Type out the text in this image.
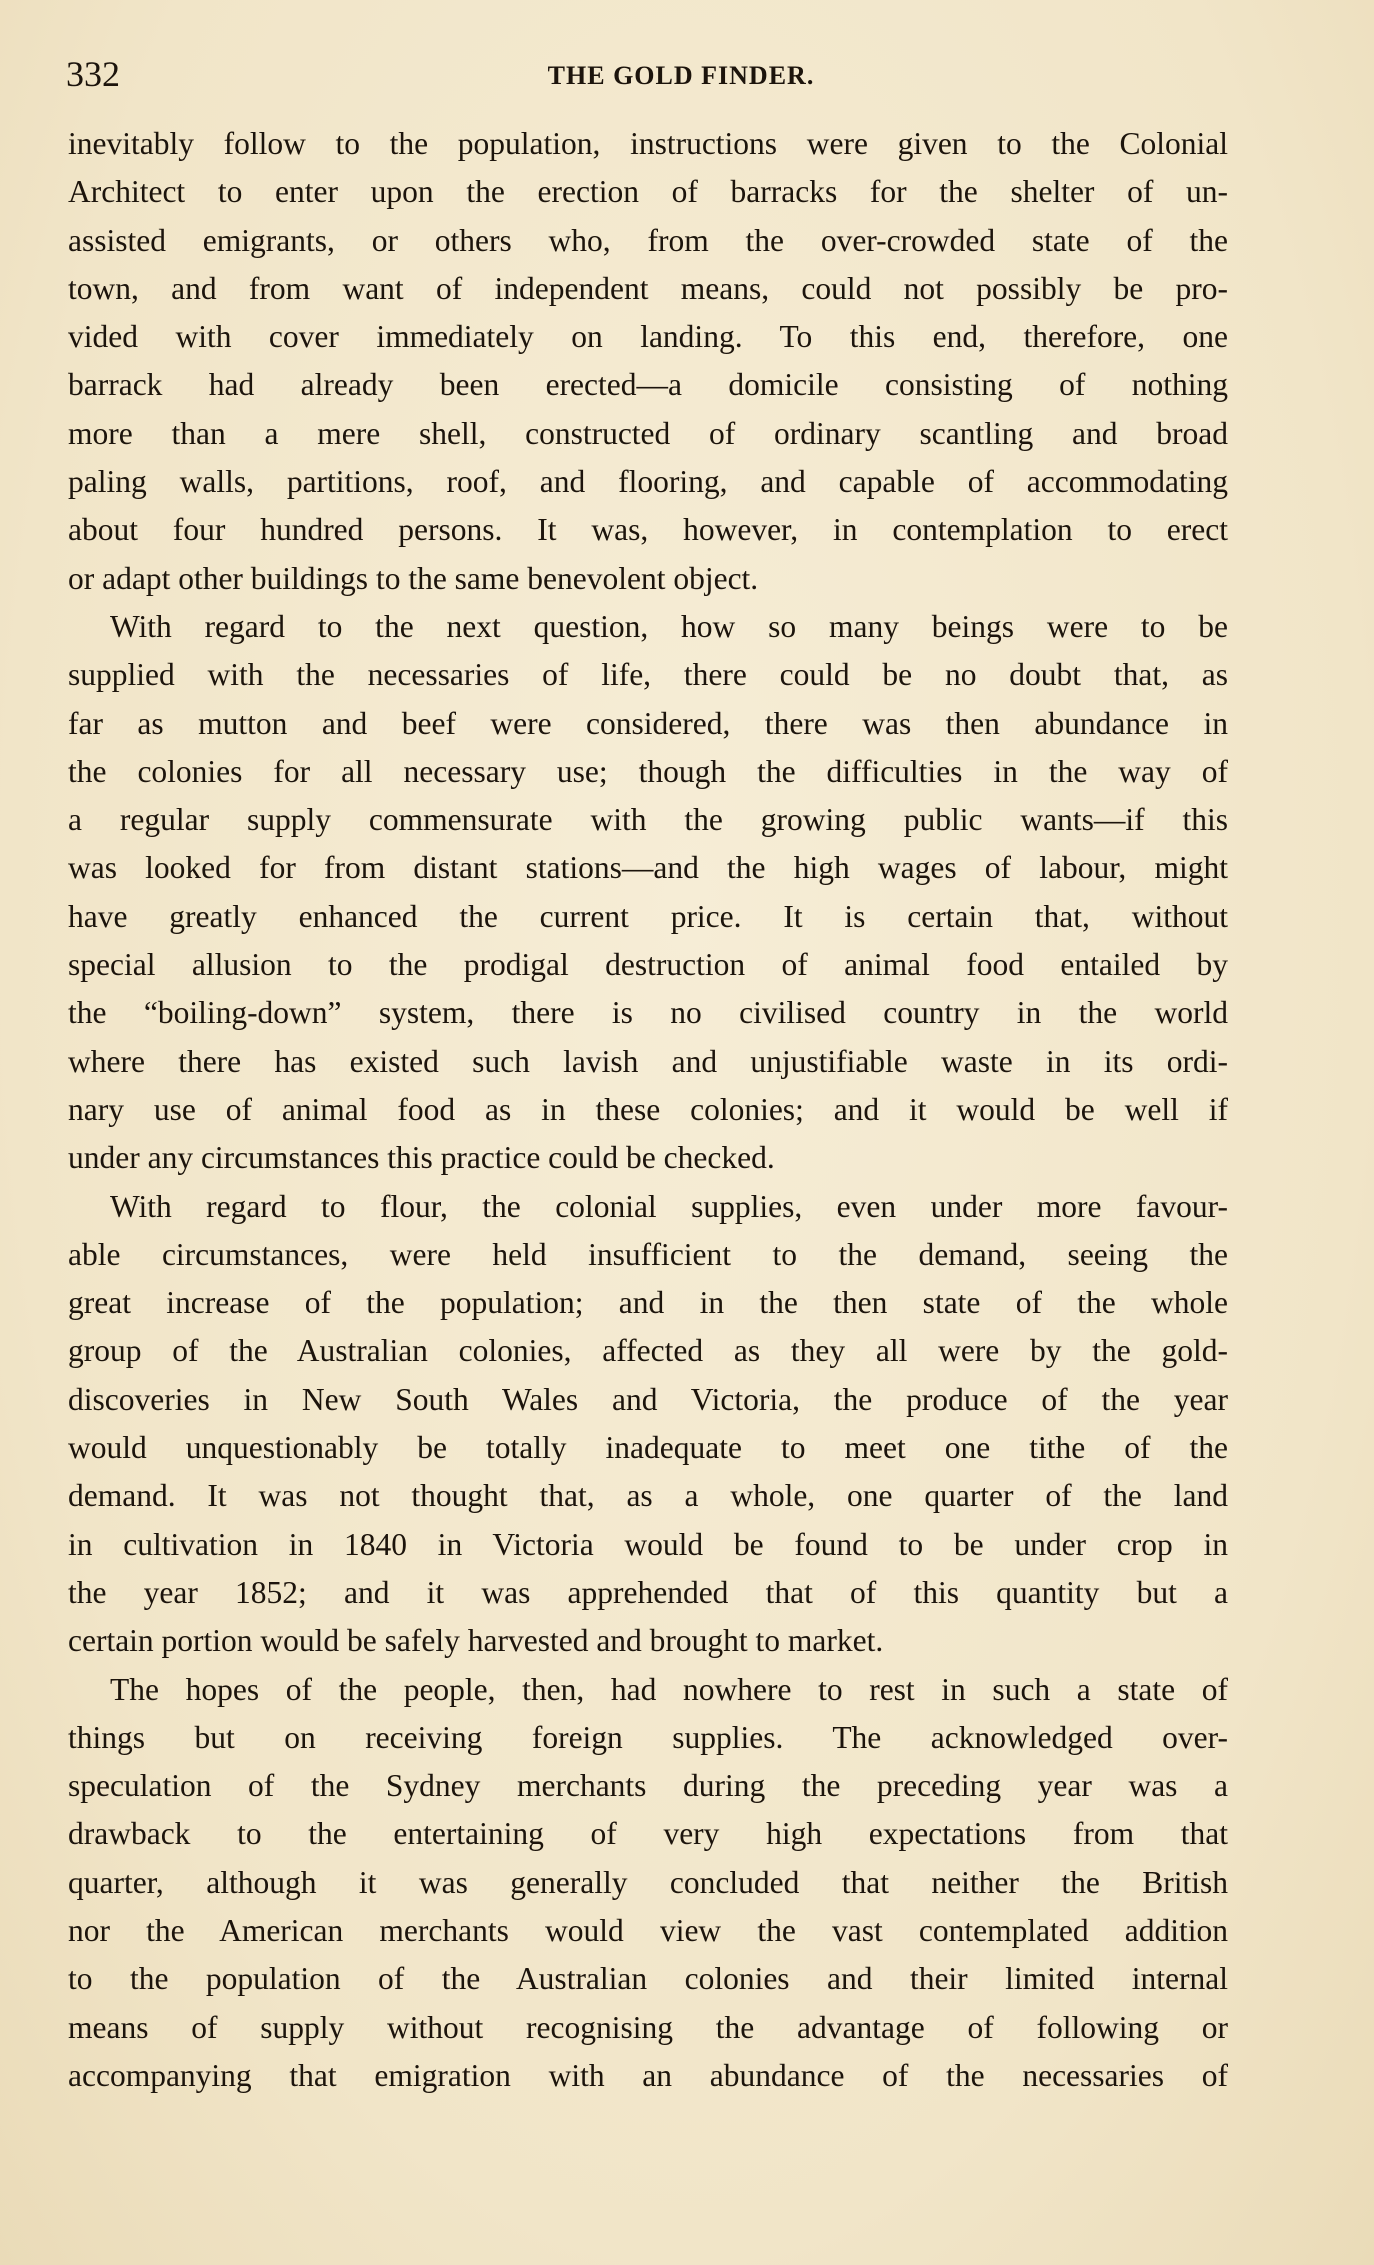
332	THE GOLD FINDER.
inevitably follow to the population, instructions were given to the Colonial
Architect to enter upon the erection of barracks for the shelter of un-
assisted emigrants, or others who, from the over-crowded state of the
town, and from want of independent means, could not possibly be pro-
vided with cover immediately on landing. To this end, therefore, one
barrack had already been erected—a domicile consisting of nothing
more than a mere shell, constructed of ordinary scantling and broad
paling walls, partitions, roof, and flooring, and capable of accommodating
about four hundred persons. It was, however, in contemplation to erect
or adapt other buildings to the same benevolent object.
With regard to the next question, how so many beings were to be
supplied with the necessaries of life, there could be no doubt that, as
far as mutton and beef were considered, there was then abundance in
the colonies for all necessary use; though the difficulties in the way of
a regular supply commensurate with the growing public wants—if this
was looked for from distant stations—and the high wages of labour, might
have greatly enhanced the current price. It is certain that, without
special allusion to the prodigal destruction of animal food entailed by
the “boiling-down” system, there is no civilised country in the world
where there has existed such lavish and unjustifiable waste in its ordi-
nary use of animal food as in these colonies; and it would be well if
under any circumstances this practice could be checked.
With regard to flour, the colonial supplies, even under more favour-
able circumstances, were held insufficient to the demand, seeing the
great increase of the population; and in the then state of the whole
group of the Australian colonies, affected as they all were by the gold-
discoveries in New South Wales and Victoria, the produce of the year
would unquestionably be totally inadequate to meet one tithe of the
demand. It was not thought that, as a whole, one quarter of the land
in cultivation in 1840 in Victoria would be found to be under crop in
the year 1852; and it was apprehended that of this quantity but a
certain portion would be safely harvested and brought to market.
The hopes of the people, then, had nowhere to rest in such a state of
things but on receiving foreign supplies. The acknowledged over-
speculation of the Sydney merchants during the preceding year was a
drawback to the entertaining of very high expectations from that
quarter, although it was generally concluded that neither the British
nor the American merchants would view the vast contemplated addition
to the population of the Australian colonies and their limited internal
means of supply without recognising the advantage of following or
accompanying that emigration with an abundance of the necessaries of
